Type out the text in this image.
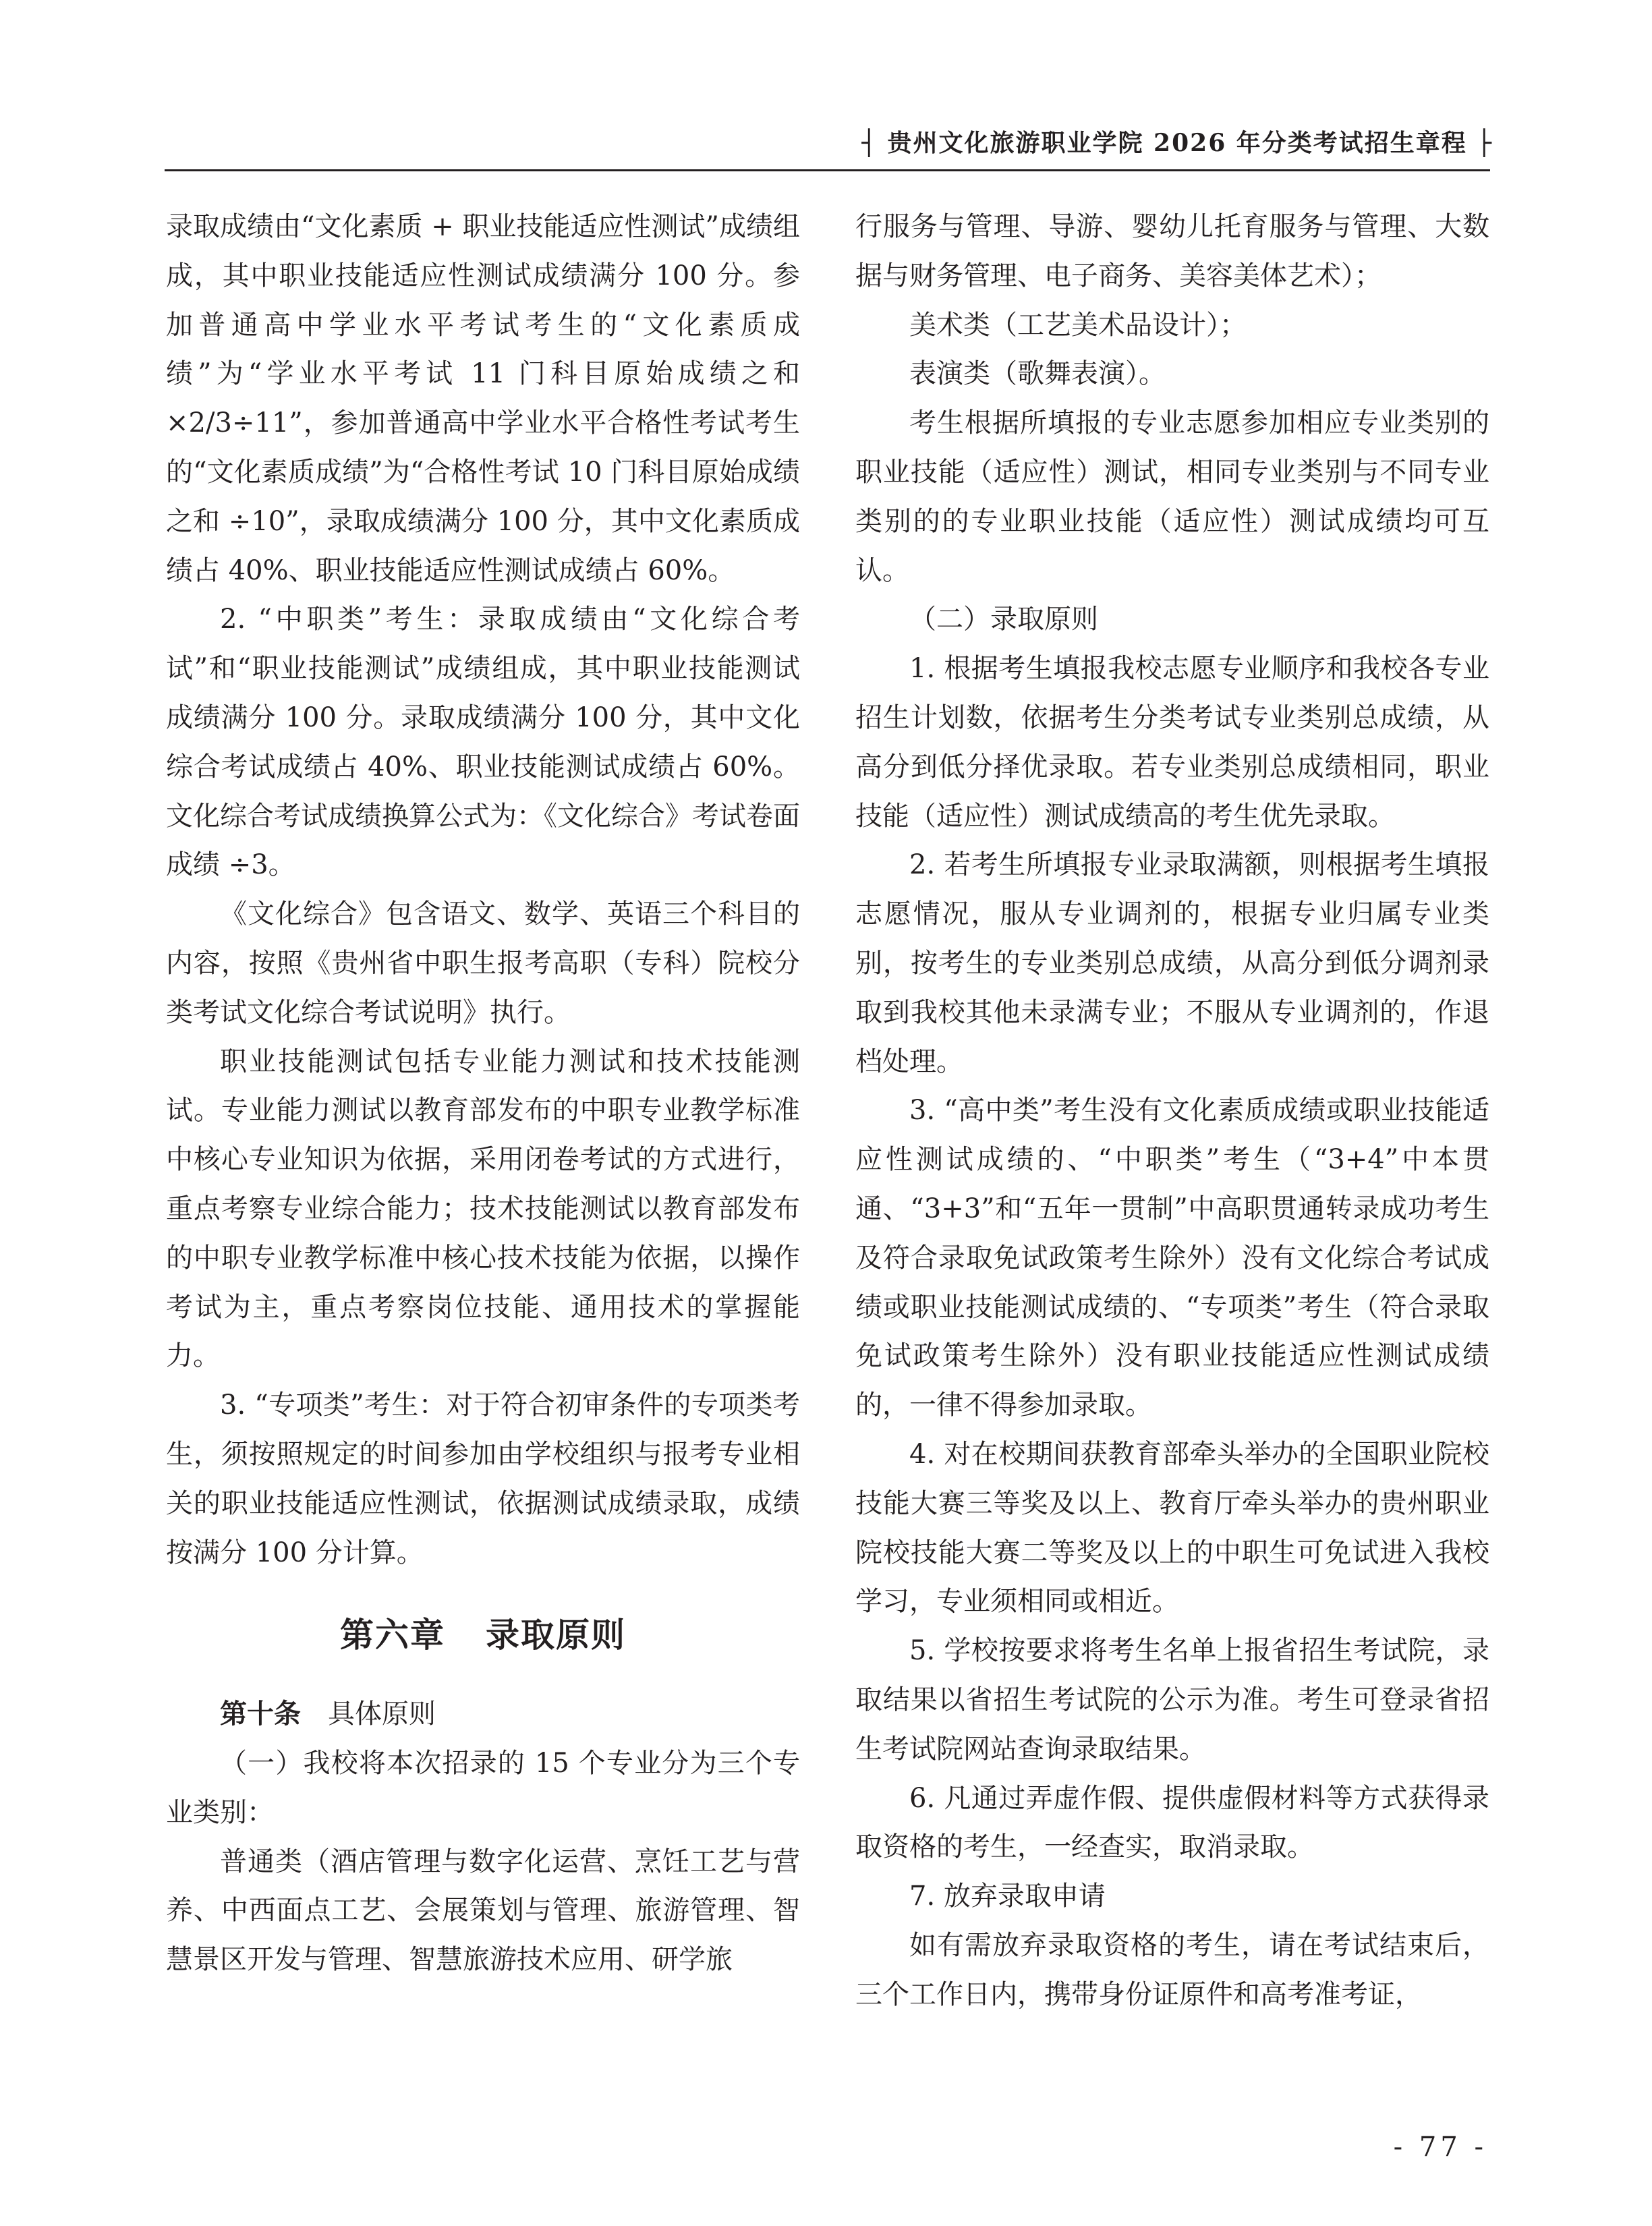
┤ 贵州文化旅游职业学院 2026 年分类考试招生章程 ├

录取成绩由“文化素质 + 职业技能适应性测试”成绩组成，其中职业技能适应性测试成绩满分 100 分。参加普通高中学业水平考试考生的“文化素质成绩”为“学业水平考试 11 门科目原始成绩之和 ×2/3÷11”，参加普通高中学业水平合格性考试考生的“文化素质成绩”为“合格性考试 10 门科目原始成绩之和 ÷10”，录取成绩满分 100 分，其中文化素质成绩占 40%、职业技能适应性测试成绩占 60%。

2. “中职类”考生：录取成绩由“文化综合考试”和“职业技能测试”成绩组成，其中职业技能测试成绩满分 100 分。录取成绩满分 100 分，其中文化综合考试成绩占 40%、职业技能测试成绩占 60%。文化综合考试成绩换算公式为：《文化综合》考试卷面成绩 ÷3。

《文化综合》包含语文、数学、英语三个科目的内容，按照《贵州省中职生报考高职（专科）院校分类考试文化综合考试说明》执行。

职业技能测试包括专业能力测试和技术技能测试。专业能力测试以教育部发布的中职专业教学标准中核心专业知识为依据，采用闭卷考试的方式进行，重点考察专业综合能力；技术技能测试以教育部发布的中职专业教学标准中核心技术技能为依据，以操作考试为主，重点考察岗位技能、通用技术的掌握能力。

3. “专项类”考生：对于符合初审条件的专项类考生，须按照规定的时间参加由学校组织与报考专业相关的职业技能适应性测试，依据测试成绩录取，成绩按满分 100 分计算。

第六章 录取原则

第十条 具体原则

（一）我校将本次招录的 15 个专业分为三个专业类别：

普通类（酒店管理与数字化运营、烹饪工艺与营养、中西面点工艺、会展策划与管理、旅游管理、智慧景区开发与管理、智慧旅游技术应用、研学旅

行服务与管理、导游、婴幼儿托育服务与管理、大数据与财务管理、电子商务、美容美体艺术）；

美术类（工艺美术品设计）；

表演类（歌舞表演）。

考生根据所填报的专业志愿参加相应专业类别的职业技能（适应性）测试，相同专业类别与不同专业类别的的专业职业技能（适应性）测试成绩均可互认。

（二）录取原则

1. 根据考生填报我校志愿专业顺序和我校各专业招生计划数，依据考生分类考试专业类别总成绩，从高分到低分择优录取。若专业类别总成绩相同，职业技能（适应性）测试成绩高的考生优先录取。

2. 若考生所填报专业录取满额，则根据考生填报志愿情况，服从专业调剂的，根据专业归属专业类别，按考生的专业类别总成绩，从高分到低分调剂录取到我校其他未录满专业；不服从专业调剂的，作退档处理。

3. “高中类”考生没有文化素质成绩或职业技能适应性测试成绩的、“中职类”考生（“3+4”中本贯通、“3+3”和“五年一贯制”中高职贯通转录成功考生及符合录取免试政策考生除外）没有文化综合考试成绩或职业技能测试成绩的、“专项类”考生（符合录取免试政策考生除外）没有职业技能适应性测试成绩的，一律不得参加录取。

4. 对在校期间获教育部牵头举办的全国职业院校技能大赛三等奖及以上、教育厅牵头举办的贵州职业院校技能大赛二等奖及以上的中职生可免试进入我校学习，专业须相同或相近。

5. 学校按要求将考生名单上报省招生考试院，录取结果以省招生考试院的公示为准。考生可登录省招生考试院网站查询录取结果。

6. 凡通过弄虚作假、提供虚假材料等方式获得录取资格的考生，一经查实，取消录取。

7. 放弃录取申请

如有需放弃录取资格的考生，请在考试结束后，三个工作日内，携带身份证原件和高考准考证，

- 77 -
